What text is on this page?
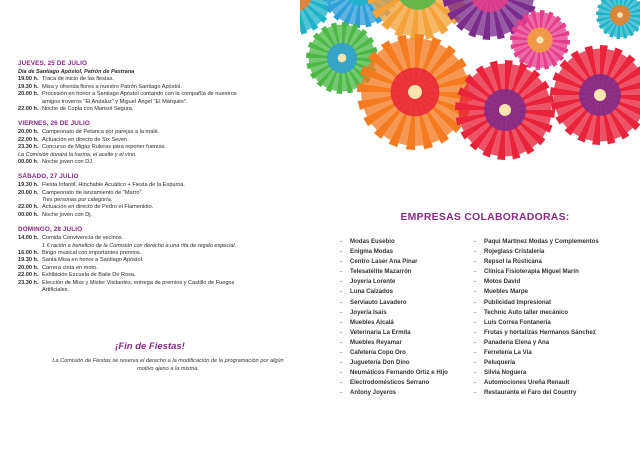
JUEVES, 25 DE JULIO
Día de Santiago Apóstol, Patrón de Pastrana
19.00 h. Traca de inicio de las fiestas.
19.30 h. Misa y ofrenda flores a nuestro Patrón Santiago Apóstol.
20.00 h. Procesión en honor a Santiago Apóstol contando con la compañía de nuestros
amigos troveros "El Andaluz" y Miguel Ángel "El Marqués".
22.00 h. Noche de Copla con Marisol Segura.
VIERNES, 26 DE JULIO
20.00 h. Campeonato de Petanca por parejas a la malé.
22.00 h. Actuación en directo de Six Seven.
23.30 h. Concurso de Migas Ruleras para reponer fuerzas.
La Comisión donará la harina, el aceite y el vino.
00.00 h. Noche joven con DJ.
SÁBADO, 27 JULIO
19.30 h. Fiesta Infantil, Hinchable Acuático + Fiesta de la Espuma.
20.00 h. Campeonato de lanzamiento de "Marro".
Tres personas por categoría.
22.00 h. Actuación en directo de Pedro el Flamenkito.
00.00 h. Noche joven con Dj.
DOMINGO, 28 JULIO
14.00 h. Comida Convivencia de vecinos.
1 € ración a beneficio de la Comisión con derecho a una rifa de regalo especial.
16.00 h. Bingo musical con importantes premios.
19.30 h. Santa Misa en honor a Santiago Apóstol.
20.00 h. Carrera cinta en moto.
22.00 h. Exhibición Escuela de Baile De Rosa.
23.30 h. Elección de Miss y Mister Visitantes, entrega de premios y Castillo de Fuegos
Artificiales.
¡Fin de Fiestas!
La Comisión de Fiestas se reserva el derecho a la modificación de la programación por algún
motivo ajeno a la misma.
EMPRESAS COLABORADORAS:
- Modas Eusebio
- Enigma Modas
- Centro Laser Ana Pinar
- Telesatélite Mazarrón
- Joyería Lorente
- Luna Calzados
- Serviauto Lavadero
- Joyería Isaís
- Muebles Alcalá
- Veterinaria La Ermita
- Muebles Reyamar
- Cafetería Copo Oro
- Juguetería Don Dino
- Neumáticos Fernando Ortiz e Hijo
- Electrodomésticos Serrano
- Antony Joyeros
- Paqui Martínez Modas y Complementos
- Rojeglass Cristalería
- Repsol la Rústicana
- Clínica Fisioterapia Miguel Marín
- Motos David
- Muebles Marpe
- Publicidad Impresionat
- Technic Auto taller mecánico
- Luis Correa Fontanería
- Frutas y hortalizas Hermanos Sánchez
- Panadería Elena y Ana
- Ferretería La Vía
- Peluquería
- Silvia Noguera
- Automociones Ureña Renault
- Restaurante el Faro del Country
